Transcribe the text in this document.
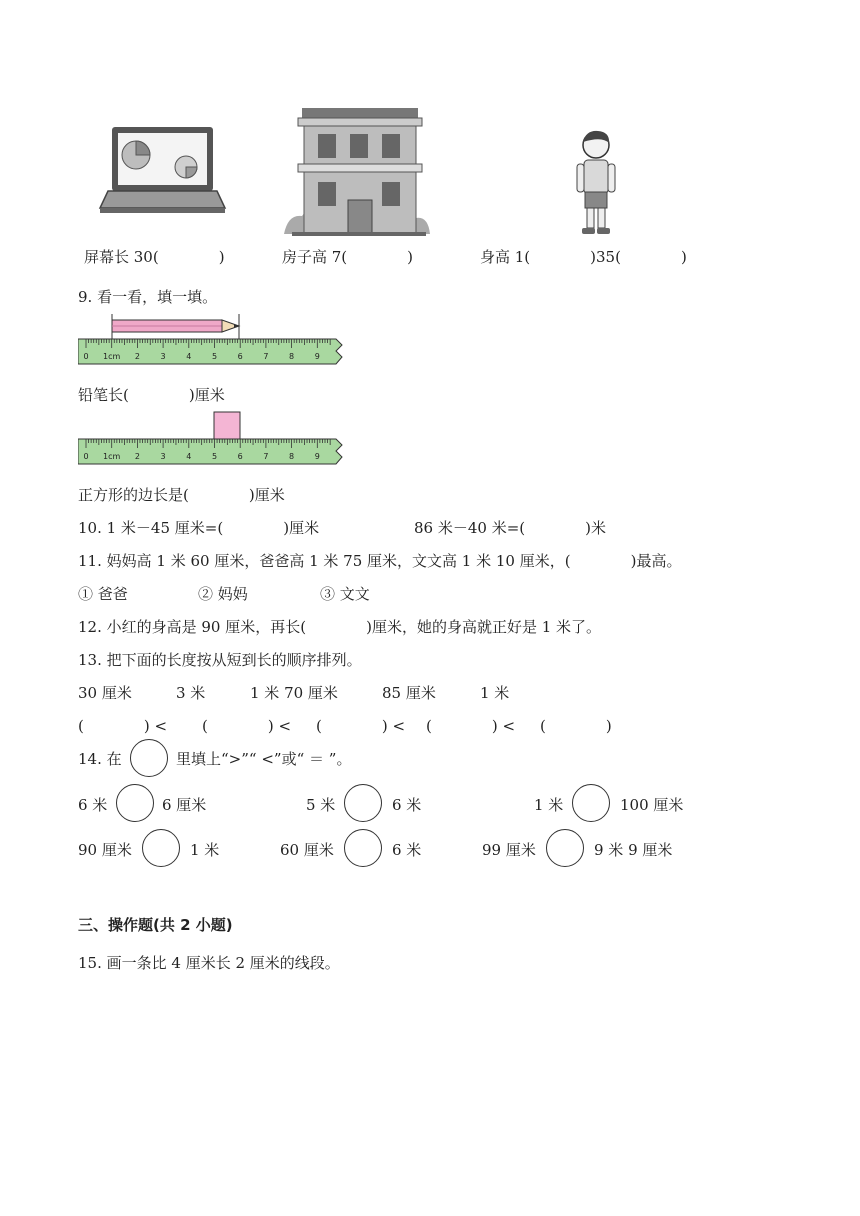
屏幕长 30(　　　　)	房子高 7(　　　　)	身高 1(　　　　)35(　　　　)
9. 看一看，填一填。
0 1cm 2	3	4	5	6	7	8	9
铅笔长(　　　　)厘米
0 1cm 2	3	4	5	6	7	8	9
正方形的边长是(　　　　)厘米
10. 1 米－45 厘米=(　　　　)厘米	86 米－40 米=(　　　　)米
11. 妈妈高 1 米 60 厘米，爸爸高 1 米 75 厘米，文文高 1 米 10 厘米，(　　　　)最高。
① 爸爸	② 妈妈	③ 文文
12. 小红的身高是 90 厘米，再长(　　　　)厘米，她的身高就正好是 1 米了。
13. 把下面的长度按从短到长的顺序排列。
30 厘米	3 米	1 米 70 厘米	85 厘米	1 米
(　　　　) < (　　　　) < (　　　　) < (　　　　) < (　　　　)
14. 在	里填上“>”“ <”或“ ＝ ”。
6 米	6 厘米	5 米	6 米	1 米	100 厘米
90 厘米	1 米	60 厘米	6 米	99 厘米	9 米 9 厘米
三、操作题(共 2 小题)
15. 画一条比 4 厘米长 2 厘米的线段。
